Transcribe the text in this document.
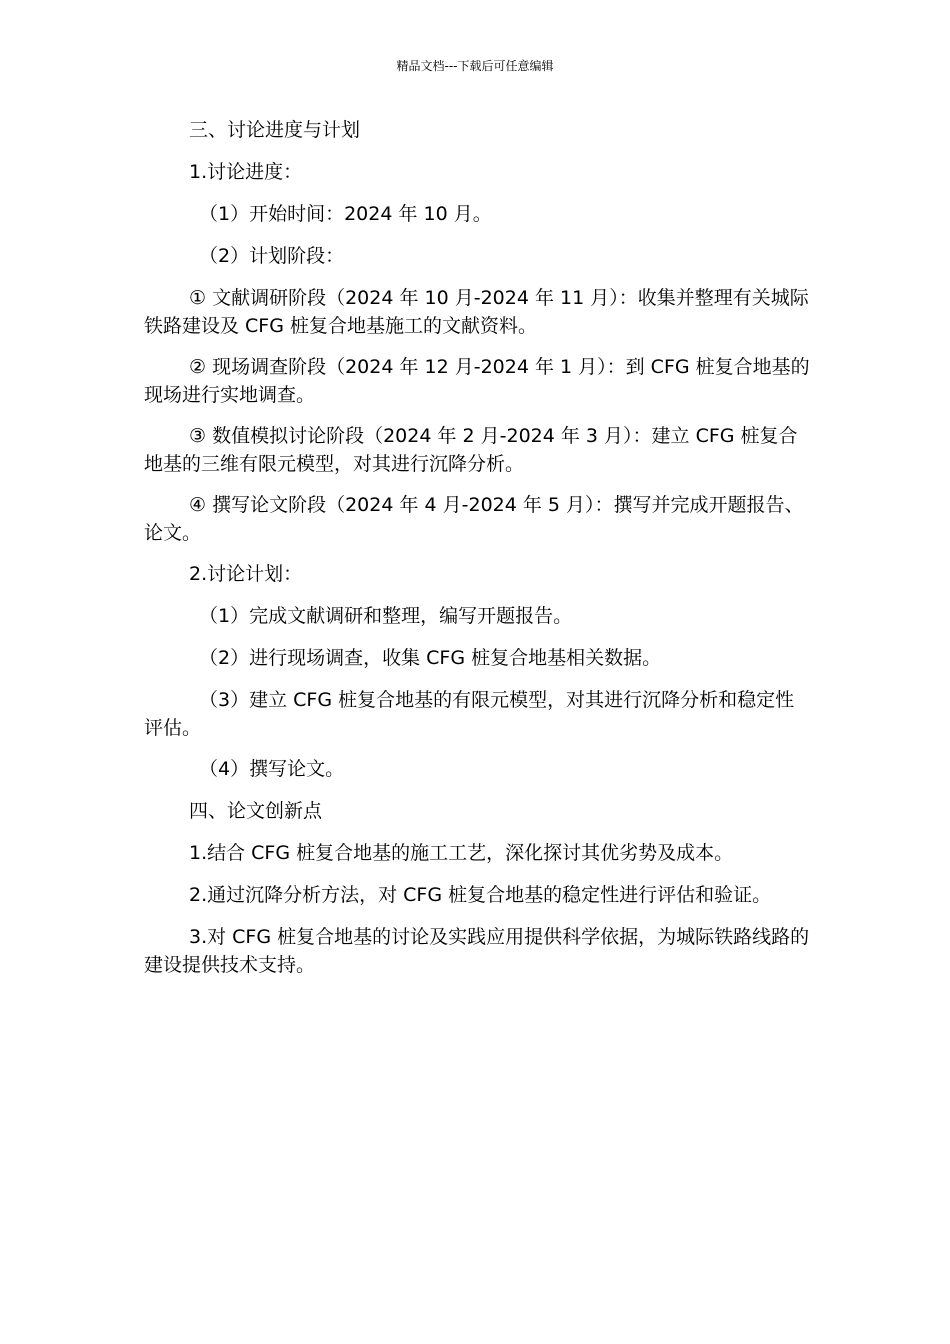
精品文档---下载后可任意编辑

三、讨论进度与计划

1.讨论进度：

（1）开始时间：2024 年 10 月。

（2）计划阶段：

① 文献调研阶段（2024 年 10 月-2024 年 11 月）：收集并整理有关城际铁路建设及 CFG 桩复合地基施工的文献资料。

② 现场调查阶段（2024 年 12 月-2024 年 1 月）：到 CFG 桩复合地基的现场进行实地调查。

③ 数值模拟讨论阶段（2024 年 2 月-2024 年 3 月）：建立 CFG 桩复合地基的三维有限元模型，对其进行沉降分析。

④ 撰写论文阶段（2024 年 4 月-2024 年 5 月）：撰写并完成开题报告、论文。

2.讨论计划：

（1）完成文献调研和整理，编写开题报告。

（2）进行现场调查，收集 CFG 桩复合地基相关数据。

（3）建立 CFG 桩复合地基的有限元模型，对其进行沉降分析和稳定性评估。

（4）撰写论文。

四、论文创新点

1.结合 CFG 桩复合地基的施工工艺，深化探讨其优劣势及成本。

2.通过沉降分析方法，对 CFG 桩复合地基的稳定性进行评估和验证。

3.对 CFG 桩复合地基的讨论及实践应用提供科学依据，为城际铁路线路的建设提供技术支持。
